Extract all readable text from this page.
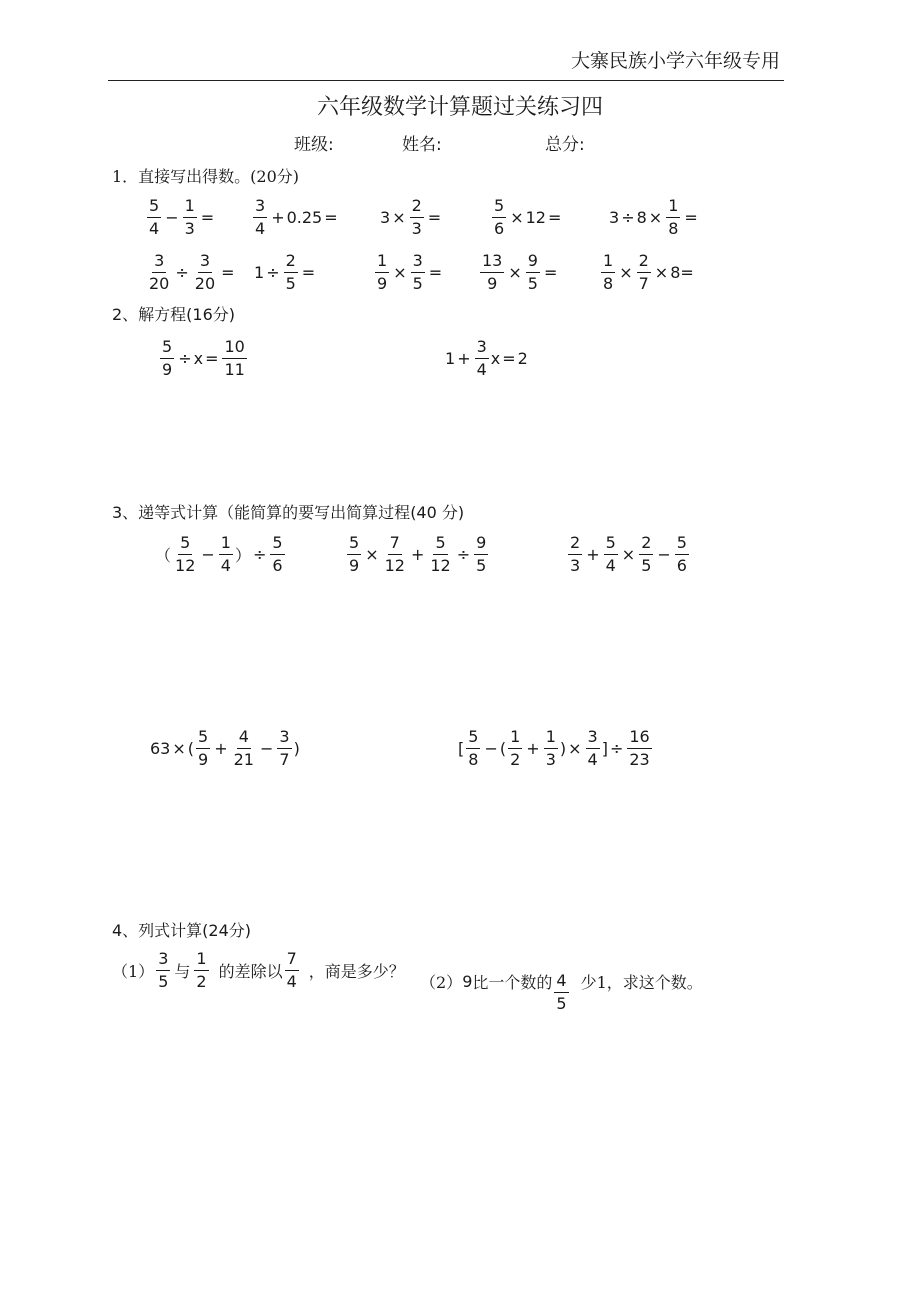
大寨民族小学六年级专用
六年级数学计算题过关练习四
班级:	姓名:	总分:
1．直接写出得数。(20分)
$\frac{5}{4} - \frac{1}{3} = \frac{3}{4} + 0.25$ =	$3 \times \frac{2}{3}$ =	$\frac{5}{6} \times 12$ =	$3 \div 8 \times \frac{1}{8}$ =
$\frac{3}{20} \div \frac{3}{20} = 1 \div \frac{2}{5}$ =	$\frac{1}{9} \times \frac{3}{5} = \frac{13}{9} \times \frac{9}{5}$ =	$\frac{1}{8} \times \frac{2}{7} \times 8=$
2、解方程(16分)
$\frac{5}{9} \div x = \frac{10}{11}$	$1 + \frac{3}{4}$ x = 2
3、递等式计算（能简算的要写出简算过程(40 分)
（ $\frac{5}{12} - \frac{1}{4}$ ） ÷ $\frac{5}{6}$	$\frac{5}{9} \times \frac{7}{12} + \frac{5}{12} \div \frac{9}{5}$	$\frac{2}{3} + \frac{5}{4} \times \frac{2}{5} - \frac{5}{6}$
63 × ( $\frac{5}{9} + \frac{4}{21} - \frac{3}{7}$ )	[ $\frac{5}{8}$ − ( $\frac{1}{2} + \frac{1}{3}$ ) × $\frac{3}{4}$ ] ÷ $\frac{16}{23}$
4、列式计算(24分)
$(1) \frac{3}{5}$ 与 $\frac{1}{2}$ 的差除以 $\frac{7}{4}$ ，商是多少？
（2） 9 比一个数的 $\frac{4}{5}$ 少 1，求这个数。
